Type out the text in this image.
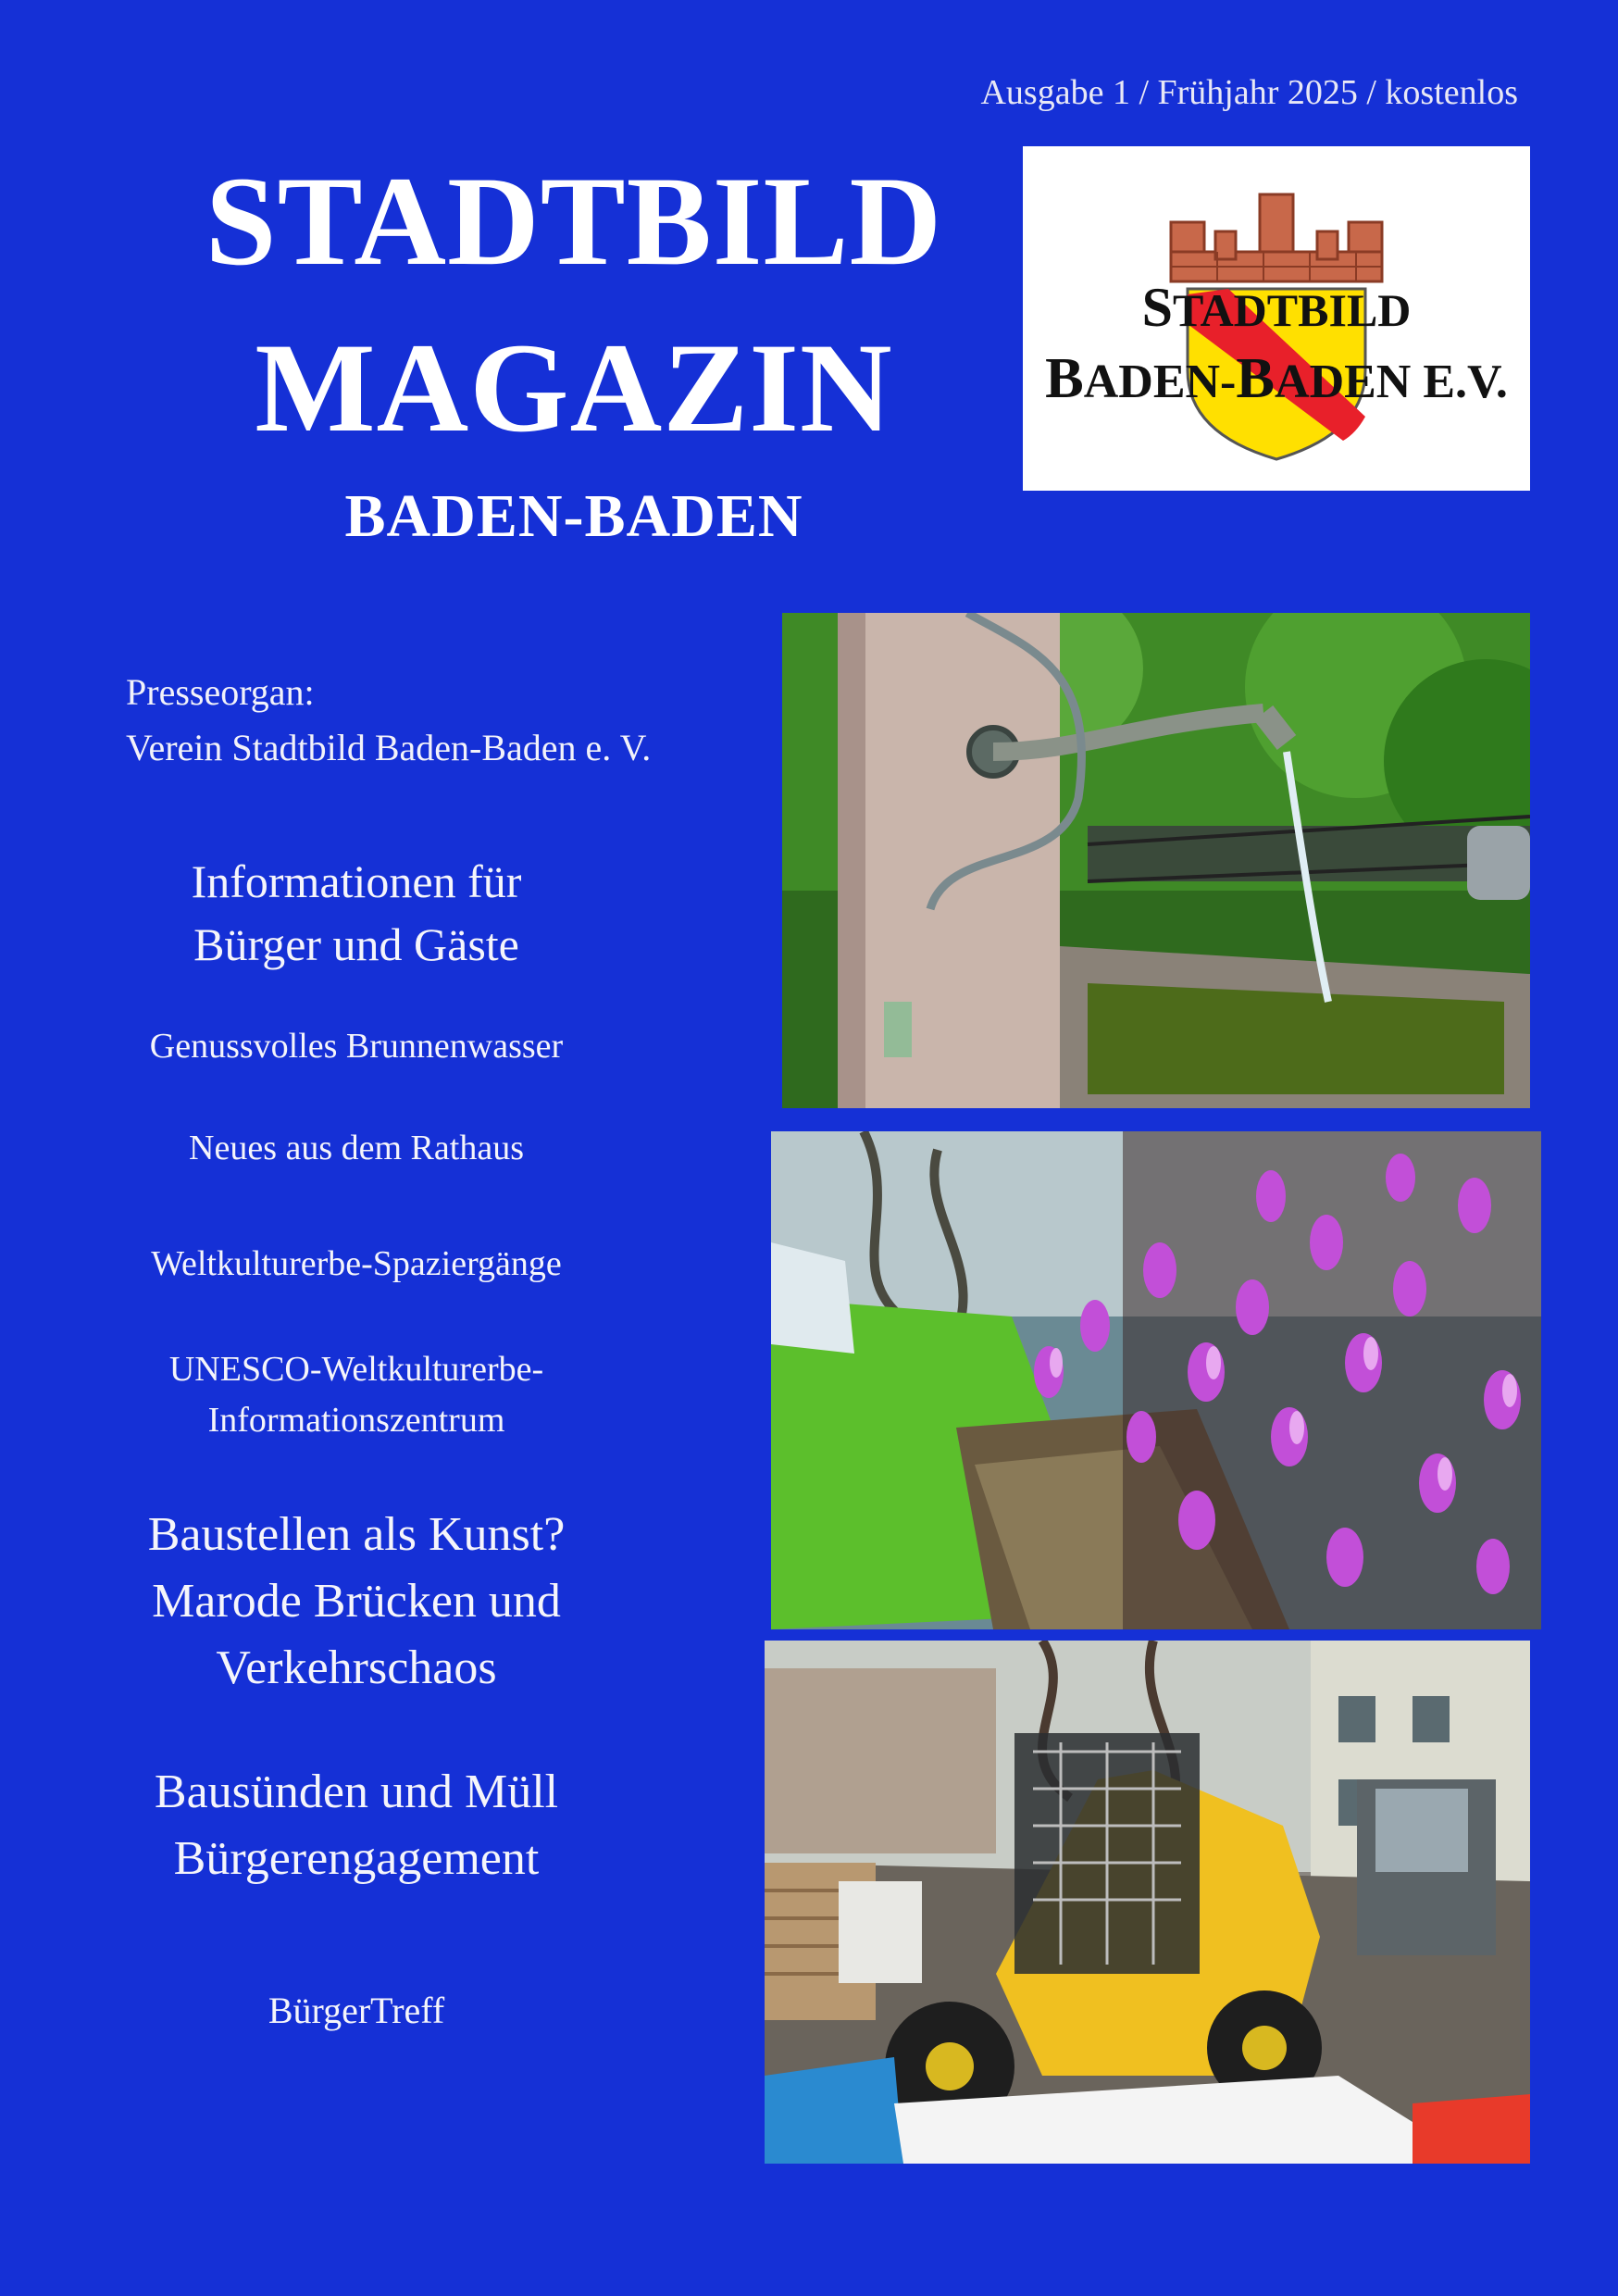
Ausgabe 1 / Frühjahr 2025 / kostenlos
STADTBILD
MAGAZIN
BADEN-BADEN
STADTBILD
BADEN-BADEN E.V.
Presseorgan:
Verein Stadtbild Baden-Baden e. V.
Informationen für
Bürger und Gäste
Genussvolles Brunnenwasser
Neues aus dem Rathaus
Weltkulturerbe-Spaziergänge
UNESCO-Weltkulturerbe-
Informationszentrum
Baustellen als Kunst?
Marode Brücken und
Verkehrschaos
Bausünden und Müll
Bürgerengagement
BürgerTreff
